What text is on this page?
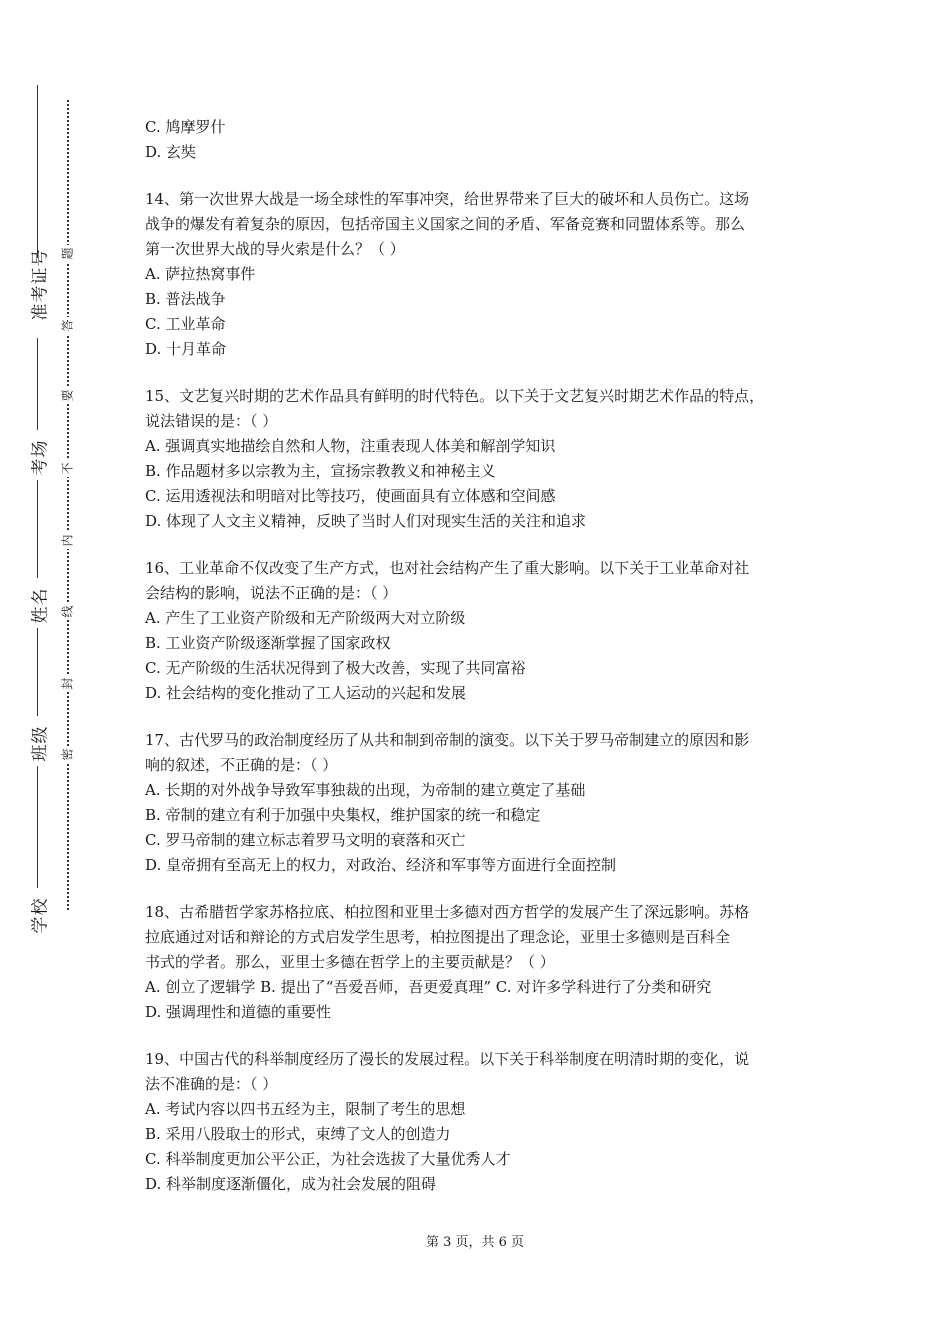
准考证号
考场
姓名
班级
学校
题
答
要
不
内
线
封
密
C. 鸠摩罗什
D. 玄奘
14、第一次世界大战是一场全球性的军事冲突，给世界带来了巨大的破坏和人员伤亡。这场
战争的爆发有着复杂的原因，包括帝国主义国家之间的矛盾、军备竞赛和同盟体系等。那么
第一次世界大战的导火索是什么？（ ）
A. 萨拉热窝事件
B. 普法战争
C. 工业革命
D. 十月革命
15、文艺复兴时期的艺术作品具有鲜明的时代特色。以下关于文艺复兴时期艺术作品的特点，
说法错误的是：（ ）
A. 强调真实地描绘自然和人物，注重表现人体美和解剖学知识
B. 作品题材多以宗教为主，宣扬宗教教义和神秘主义
C. 运用透视法和明暗对比等技巧，使画面具有立体感和空间感
D. 体现了人文主义精神，反映了当时人们对现实生活的关注和追求
16、工业革命不仅改变了生产方式，也对社会结构产生了重大影响。以下关于工业革命对社
会结构的影响，说法不正确的是：（ ）
A. 产生了工业资产阶级和无产阶级两大对立阶级
B. 工业资产阶级逐渐掌握了国家政权
C. 无产阶级的生活状况得到了极大改善，实现了共同富裕
D. 社会结构的变化推动了工人运动的兴起和发展
17、古代罗马的政治制度经历了从共和制到帝制的演变。以下关于罗马帝制建立的原因和影
响的叙述，不正确的是：（ ）
A. 长期的对外战争导致军事独裁的出现，为帝制的建立奠定了基础
B. 帝制的建立有利于加强中央集权，维护国家的统一和稳定
C. 罗马帝制的建立标志着罗马文明的衰落和灭亡
D. 皇帝拥有至高无上的权力，对政治、经济和军事等方面进行全面控制
18、古希腊哲学家苏格拉底、柏拉图和亚里士多德对西方哲学的发展产生了深远影响。苏格
拉底通过对话和辩论的方式启发学生思考，柏拉图提出了理念论，亚里士多德则是百科全
书式的学者。那么，亚里士多德在哲学上的主要贡献是？（ ）
A. 创立了逻辑学 B. 提出了“吾爱吾师，吾更爱真理” C. 对许多学科进行了分类和研究
D. 强调理性和道德的重要性
19、中国古代的科举制度经历了漫长的发展过程。以下关于科举制度在明清时期的变化，说
法不准确的是：（ ）
A. 考试内容以四书五经为主，限制了考生的思想
B. 采用八股取士的形式，束缚了文人的创造力
C. 科举制度更加公平公正，为社会选拔了大量优秀人才
D. 科举制度逐渐僵化，成为社会发展的阻碍
第 3 页，共 6 页
